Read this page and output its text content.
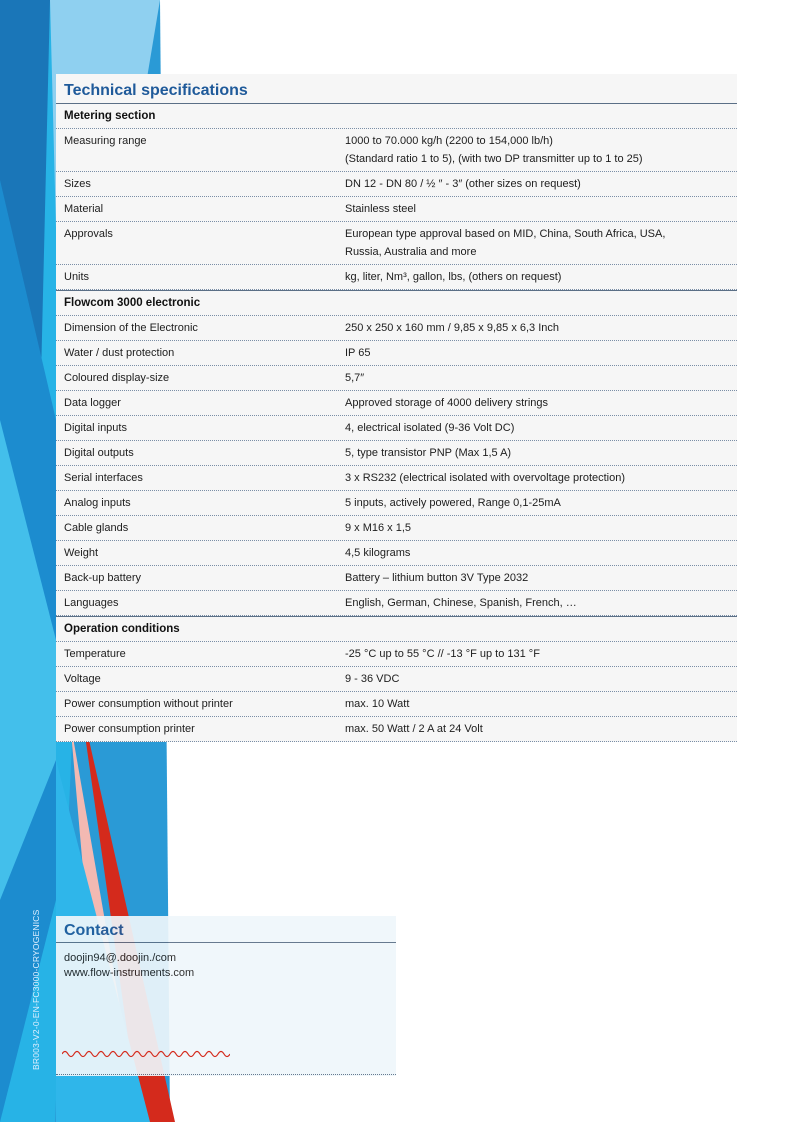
Technical specifications
Metering section
Measuring range	1000 to 70.000 kg/h (2200 to 154,000 lb/h)
(Standard ratio 1 to 5), (with two DP transmitter up to 1 to 25)
Sizes	DN 12 - DN 80 / ½ ″ - 3″ (other sizes on request)
Material	Stainless steel
Approvals	European type approval based on MID, China, South Africa, USA,
Russia, Australia and more
Units	kg, liter, Nm³, gallon, lbs, (others on request)
Flowcom 3000 electronic
Dimension of the Electronic	250 x 250 x 160 mm / 9,85 x 9,85 x 6,3 Inch
Water / dust protection	IP 65
Coloured display-size	5,7″
Data logger	Approved storage of 4000 delivery strings
Digital inputs	4, electrical isolated (9-36 Volt DC)
Digital outputs	5, type transistor PNP (Max 1,5 A)
Serial interfaces	3 x RS232 (electrical isolated with overvoltage protection)
Analog inputs	5 inputs, actively powered, Range 0,1-25mA
Cable glands	9 x M16 x 1,5
Weight	4,5 kilograms
Back-up battery	Battery – lithium button 3V Type 2032
Languages	English, German, Chinese, Spanish, French, …
Operation conditions
Temperature	-25 °C up to 55 °C // -13 °F up to 131 °F
Voltage	9 - 36 VDC
Power consumption without printer	max. 10 Watt
Power consumption printer	max. 50 Watt / 2 A at 24 Volt
Contact
doojin94@.doojin./com
www.flow-instruments.com
BR003-V2-0-EN-FC3000-CRYOGENICS
